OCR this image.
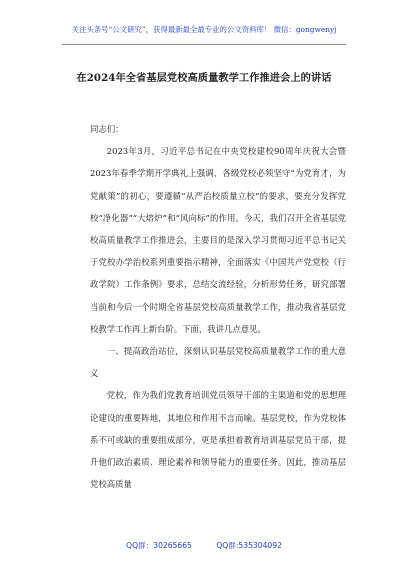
关注头条号“公文研究”，获得最新最全最专业的公文资料库！ 微信：gongwenyj
在2024年全省基层党校高质量教学工作推进会上的讲话

同志们：

2023年3月，习近平总书记在中央党校建校90周年庆祝大会暨2023年春季学期开学典礼上强调，各级党校必须坚守“为党育才，为党献策”的初心，要遵循“从严治校质量立校”的要求，要充分发挥党校“净化器”“大熔炉”和“风向标”的作用。今天，我们召开全省基层党校高质量教学工作推进会，主要目的是深入学习贯彻习近平总书记关于党校办学治校系列重要指示精神，全面落实《中国共产党党校（行政学院）工作条例》要求，总结交流经验，分析形势任务，研究部署当前和今后一个时期全省基层党校高质量教学工作，推动我省基层党校教学工作再上新台阶。下面，我讲几点意见。

一、提高政治站位，深刻认识基层党校高质量教学工作的重大意义

党校，作为我们党教育培训党员领导干部的主渠道和党的思想理论建设的重要阵地，其地位和作用不言而喻。基层党校，作为党校体系不可或缺的重要组成部分，更是承担着教育培训基层党员干部，提升他们政治素质、理论素养和领导能力的重要任务。因此，推动基层党校高质量

QQ群：30265665	QQ群:535304092
